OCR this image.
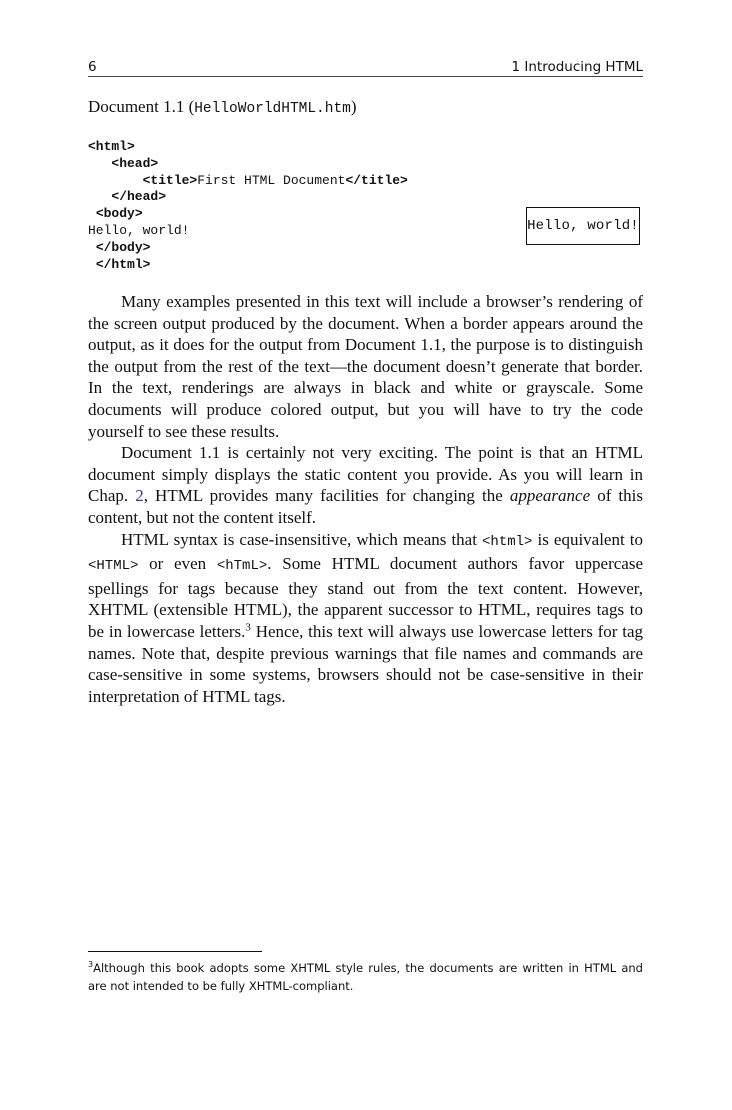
6	1 Introducing HTML
Document 1.1 (HelloWorldHTML.htm)
<html>
<head>
<title>First HTML Document</title>
</head>
<body>
Hello, world!
</body>
</html>
Hello, world!

Many examples presented in this text will include a browser’s rendering of the screen output produced by the document. When a border appears around the output, as it does for the output from Document 1.1, the purpose is to distinguish the output from the rest of the text—the document doesn’t generate that border. In the text, renderings are always in black and white or grayscale. Some documents will produce colored output, but you will have to try the code yourself to see these results.

Document 1.1 is certainly not very exciting. The point is that an HTML document simply displays the static content you provide. As you will learn in Chap. 2, HTML provides many facilities for changing the appearance of this content, but not the content itself.

HTML syntax is case-insensitive, which means that <html> is equivalent to <HTML> or even <hTmL>. Some HTML document authors favor uppercase spellings for tags because they stand out from the text content. However, XHTML (extensible HTML), the apparent successor to HTML, requires tags to be in lowercase letters.$^3$ Hence, this text will always use lowercase letters for tag names. Note that, despite previous warnings that file names and commands are case-sensitive in some systems, browsers should not be case-sensitive in their interpretation of HTML tags.

$^3$Although this book adopts some XHTML style rules, the documents are written in HTML and are not intended to be fully XHTML-compliant.
